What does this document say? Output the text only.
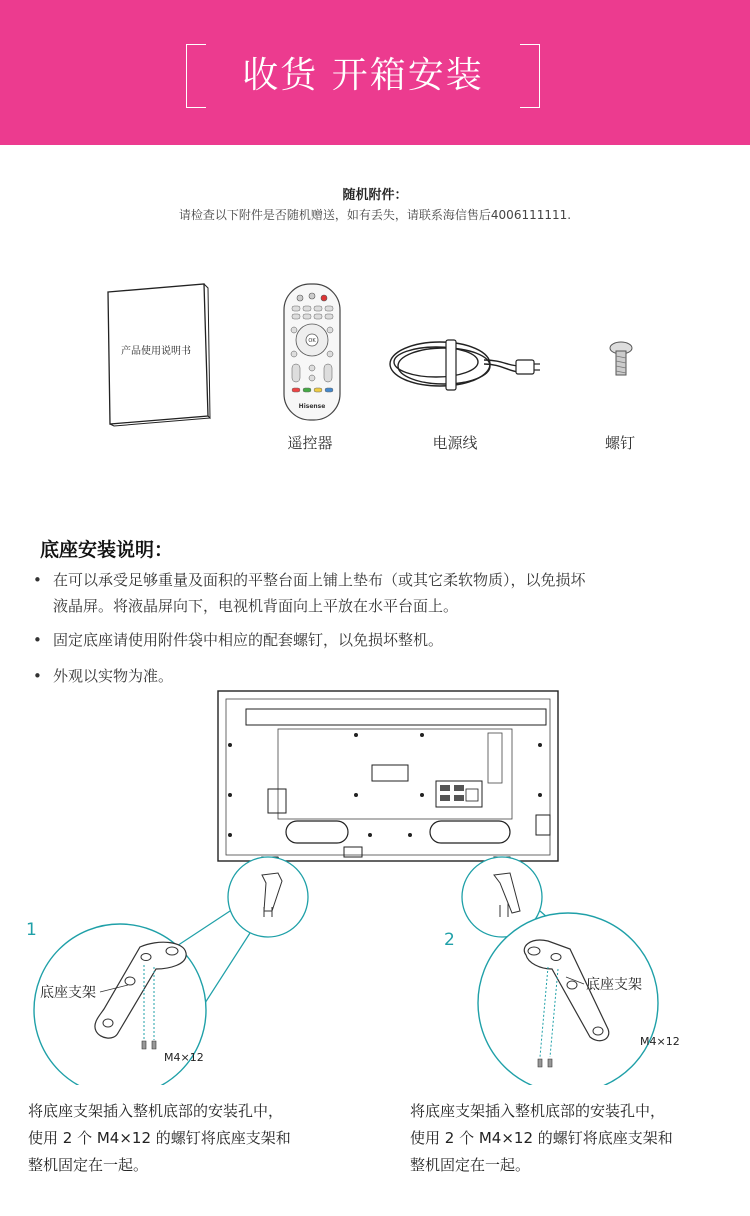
收货 开箱安装
随机附件：
请检查以下附件是否随机赠送，如有丢失，请联系海信售后4006111111.
产品使用说明书
OK
Hisense
遥控器	电源线	螺钉
底座安装说明：
• 在可以承受足够重量及面积的平整台面上铺上垫布（或其它柔软物质），以免损坏
液晶屏。将液晶屏向下，电视机背面向上平放在水平台面上。
• 固定底座请使用附件袋中相应的配套螺钉，以免损坏整机。
• 外观以实物为准。
底座支架
M4×12
底座支架
M4×12
1	2
将底座支架插入整机底部的安装孔中，
使用 2 个 M4×12 的螺钉将底座支架和
整机固定在一起。
将底座支架插入整机底部的安装孔中，
使用 2 个 M4×12 的螺钉将底座支架和
整机固定在一起。
